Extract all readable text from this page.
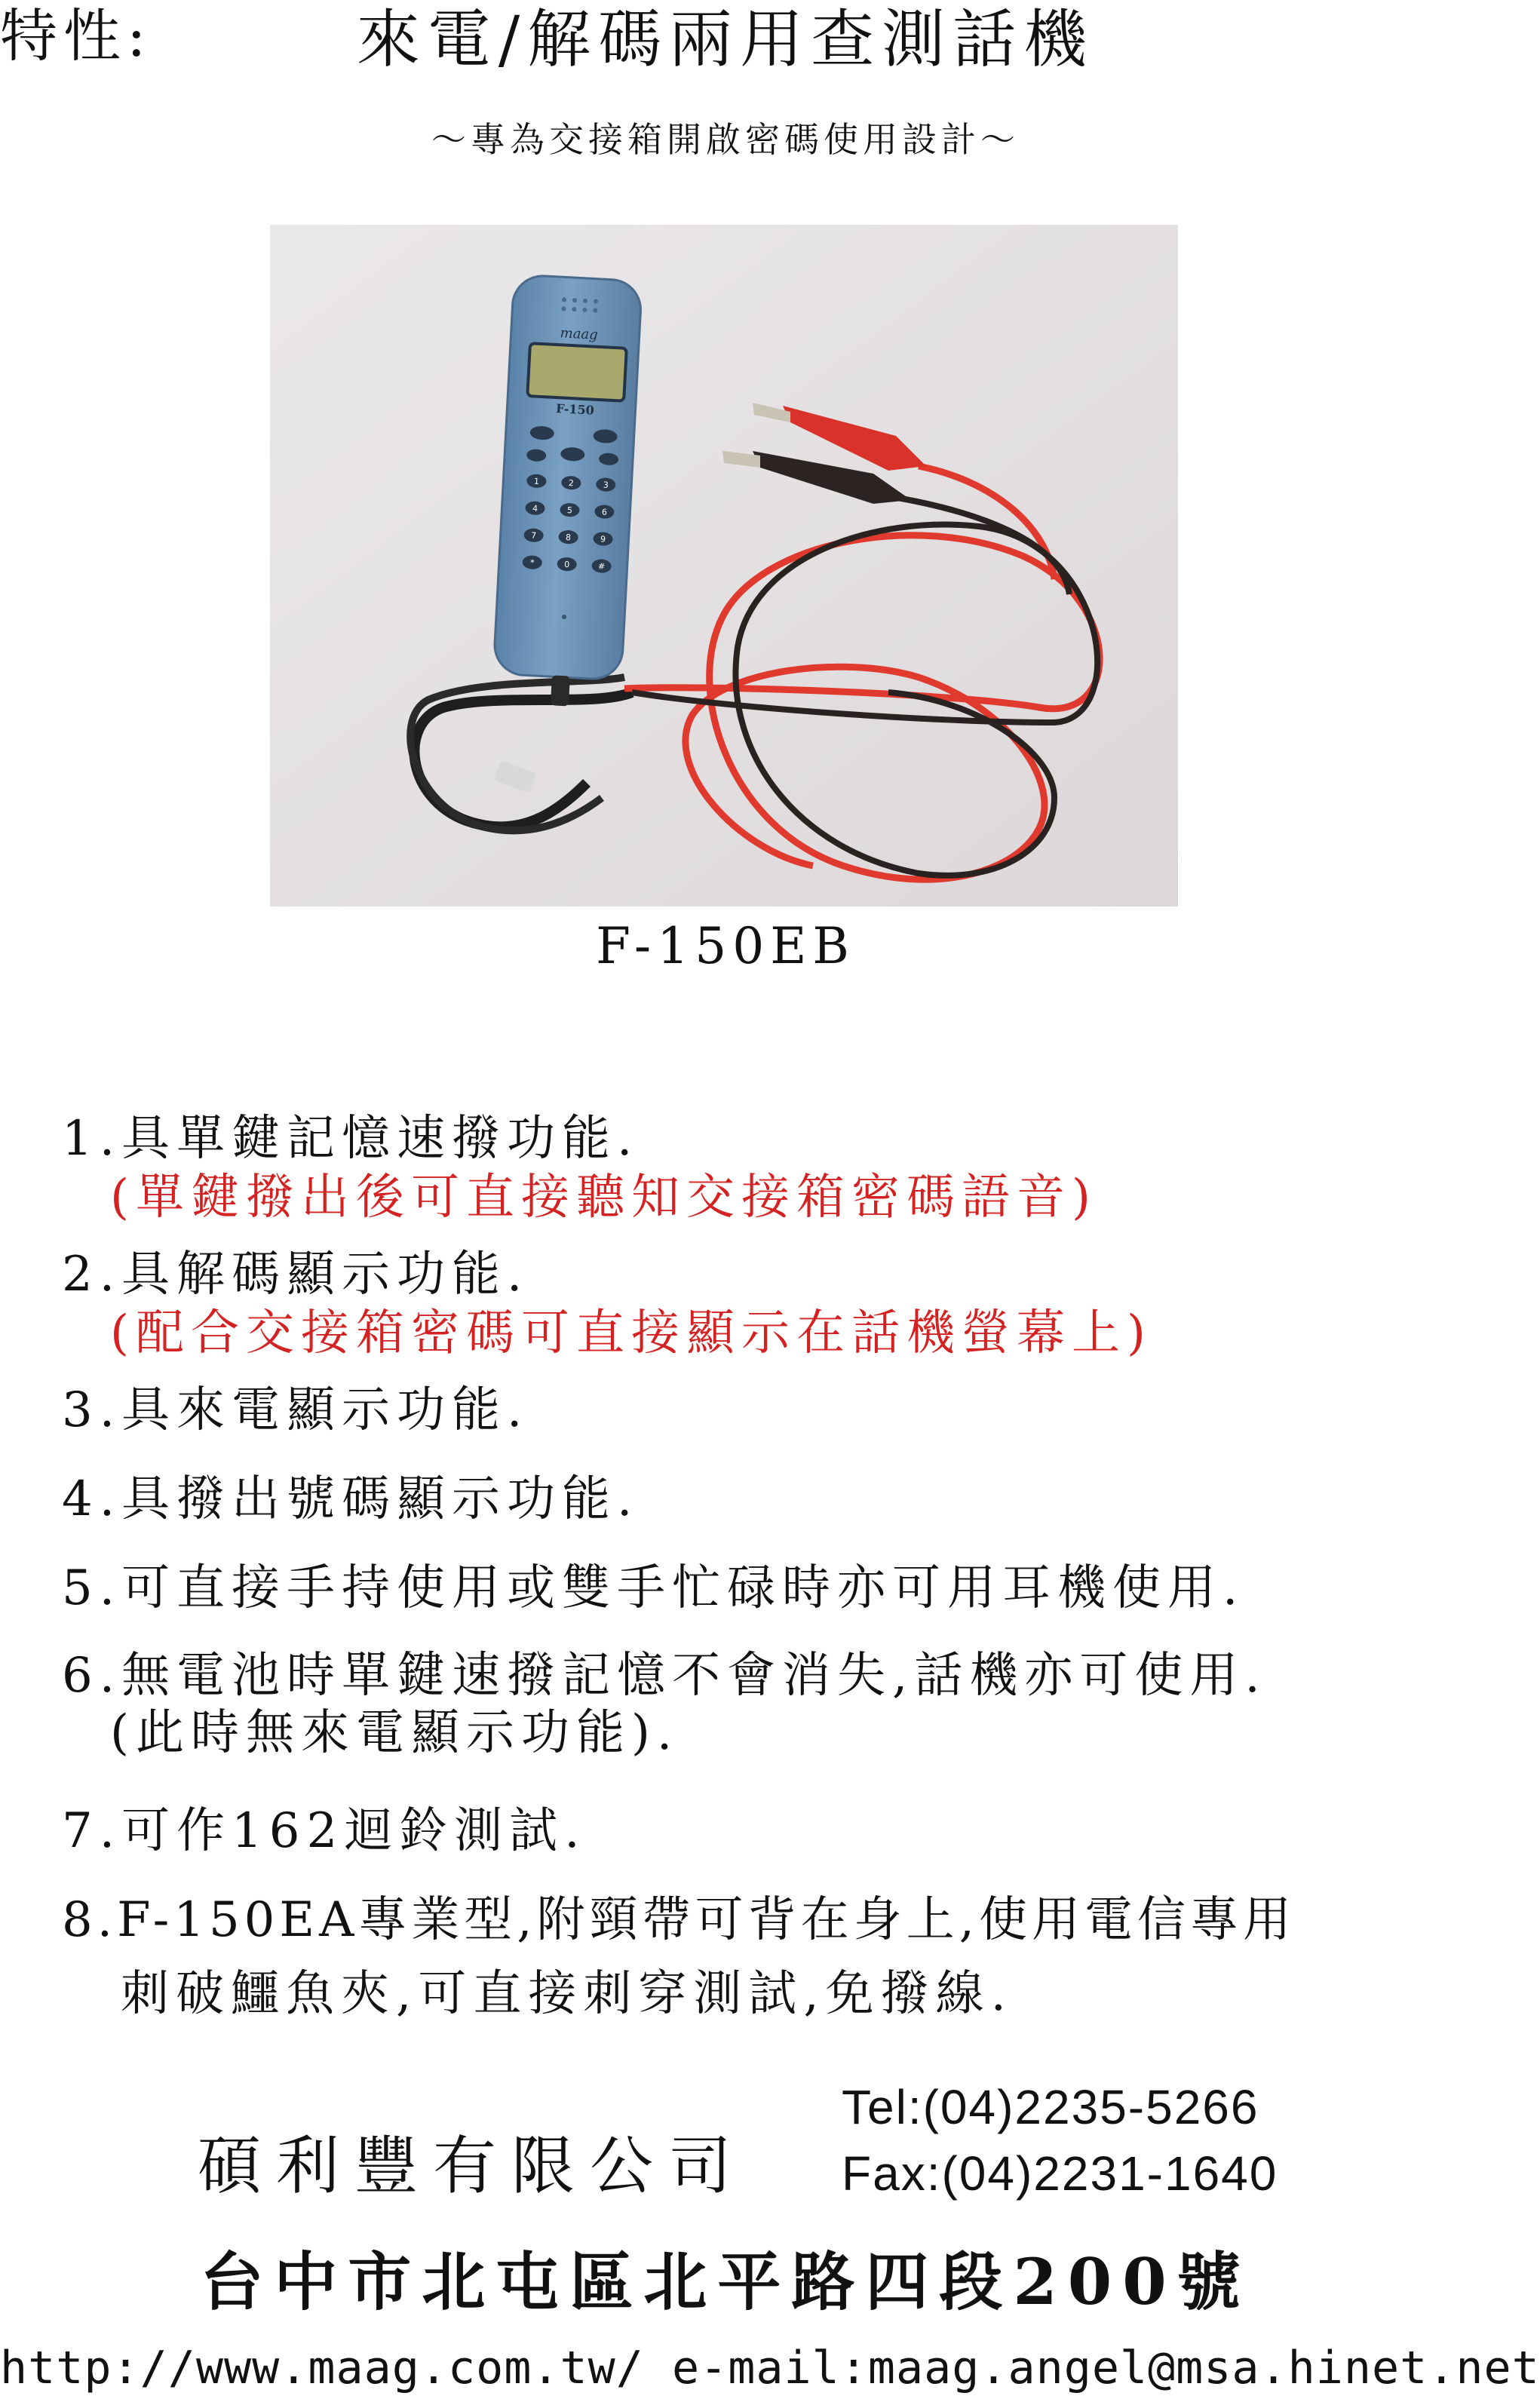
來電/解碼兩用查測話機
～專為交接箱開啟密碼使用設計～
maag
F-150
1	2	3
4	5	6
7	8	9
*	0	#
F-150EB
特性:
1.具單鍵記憶速撥功能.
(單鍵撥出後可直接聽知交接箱密碼語音)
2.具解碼顯示功能.
(配合交接箱密碼可直接顯示在話機螢幕上)
3.具來電顯示功能.
4.具撥出號碼顯示功能.
5.可直接手持使用或雙手忙碌時亦可用耳機使用.
6.無電池時單鍵速撥記憶不會消失,話機亦可使用.
(此時無來電顯示功能).
7.可作162迴鈴測試.
8.F-150EA專業型,附頸帶可背在身上,使用電信專用
刺破鱷魚夾,可直接刺穿測試,免撥線.
碩利豐有限公司
Tel:(04)2235-5266
Fax:(04)2231-1640
台中市北屯區北平路四段200號
http://www.maag.com.tw/ e-mail:maag.angel@msa.hinet.net
